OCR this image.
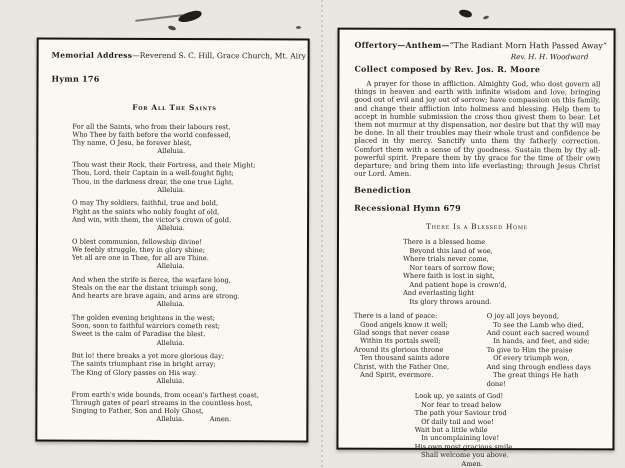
Memorial Address—Reverend S. C. Hill, Grace Church, Mt. Airy
Hymn 176
For All The Saints
For all the Saints, who from their labours rest,
Who Thee by faith before the world confessed,
Thy name, O Jesu, be forever blest,
Alleluia.
Thou wast their Rock, their Fortress, and their Might;
Thou, Lord, their Captain in a well-fought fight;
Thou, in the darkness drear, the one true Light.
Alleluia.
O may Thy soldiers, faithful, true and bold,
Fight as the saints who nobly fought of old,
And win, with them, the victor's crown of gold.
Alleluia.
O blest communion, fellowship divine!
We feebly struggle, they in glory shine;
Yet all are one in Thee, for all are Thine.
Alleluia.
And when the strife is fierce, the warfare long,
Steals on the ear the distant triumph song,
And hearts are brave again, and arms are strong.
Alleluia.
The golden evening brightens in the west;
Soon, soon to faithful warriors cometh rest;
Sweet is the calm of Paradise the blest.
Alleluia.
But lo! there breaks a yet more glorious day;
The saints triumphant rise in bright array;
The King of Glory passes on His way.
Alleluia.
From earth's wide bounds, from ocean's farthest coast,
Through gates of pearl streams in the countless host,
Singing to Father, Son and Holy Ghost,
Alleluia.            Amen.
Offertory—Anthem—“The Radiant Morn Hath Passed Away”
Rev. H. H. Woodward
Collect composed by Rev. Jos. R. Moore
A prayer for those in affliction. Almighty God, who dost govern all things in heaven and earth with infinite wisdom and love, bringing good out of evil and joy out of sorrow; have compassion on this family, and change their affliction into holiness and blessing. Help them to accept in humble submission the cross thou givest them to bear. Let them not murmur at thy dispensation, nor desire but that thy will may be done. In all their troubles may their whole trust and confidence be placed in thy mercy. Sanctify unto them thy fatherly correction. Comfort them with a sense of thy goodness. Sustain them by thy all-powerful spirit. Prepare them by thy grace for the time of their own departure; and bring them into life everlasting; through Jesus Christ our Lord. Amen.
Benediction
Recessional Hymn 679
There Is a Blessed Home
There is a blessed home
Beyond this land of woe,
Where trials never come,
Nor tears of sorrow flow;
Where faith is lost in sight,
And patient hope is crown'd,
And everlasting light
Its glory throws around.
There is a land of peace:
Good angels know it well;
Glad songs that never cease
Within its portals swell;
Around its glorious throne
Ten thousand saints adore
Christ, with the Father One,
And Spirit, evermore.
O joy all joys beyond,
To see the Lamb who died,
And count each sacred wound
In hands, and feet, and side;
To give to Him the praise
Of every triumph won,
And sing through endless days
The great things He hath done!
Look up, ye saints of God!
Nor fear to tread below
The path your Saviour trod
Of daily toil and woe!
Wait but a little while
In uncomplaining love!
His own most gracious smile
Shall welcome you above.
Amen.
